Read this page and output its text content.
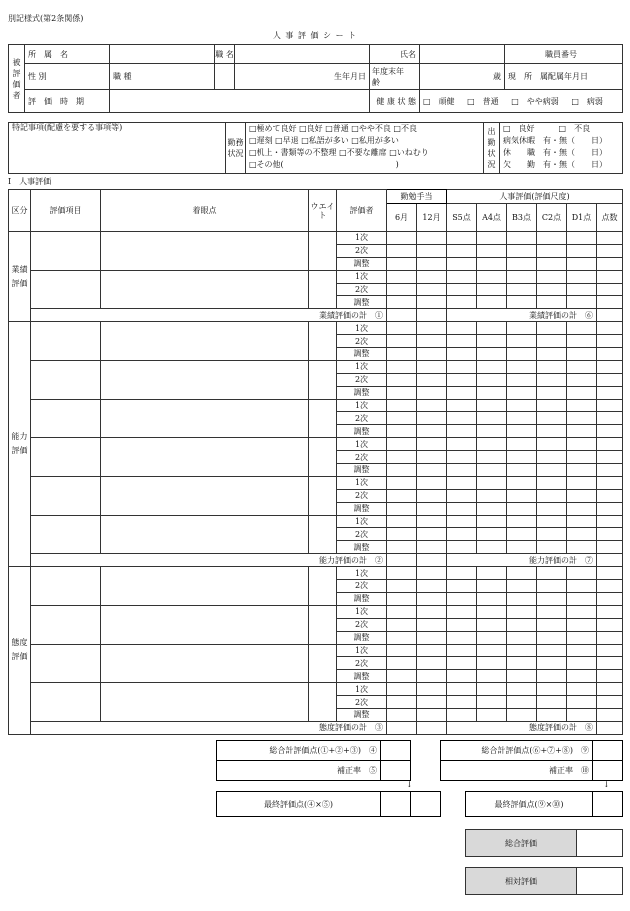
別記様式(第2条関係)
人 事 評 価 シ ー ト
被評価者	所　属　名		職 名		氏名		職員番号
	性 別	職 種		生年月日	年度末年　齢	歳	現　所　属配属年月日
	評　価　時　期				健 康 状 態	□　頑健 □　普通 □　やや病弱 □　病弱	
特記事項(配慮を要する事項等)	勤務状況	
□極めて良好 □良好 □普通 □やや不良 □不良
□遅刻 □早退 □私語が多い □私用が多い
□机上・書類等の不整理 □不要な離席 □いねむり
□その他(　　　　　　　　　　　　　　)
	出勤状況	
□　良好　　　□　不良
病気休暇　有・無（　　日）
休　　職　有・無（　　日）
欠　　勤　有・無（　　日）
Ⅰ　人事評価
区分	評価項目	着眼点	ウエイト	評価者	勤勉手当		人事評価(評価尺度)					
					6月	12月	S5点	A4点	B3点	C2点	D1点	点数
業績評価				1次								
				2次								
				調整								
				1次								
				2次								
				調整								
	業績評価の計　①						業績評価の計　⑥					
能力評価				1次								
				2次								
				調整								
				1次								
				2次								
				調整								
				1次								
				2次								
				調整								
				1次								
				2次								
				調整								
				1次								
				2次								
				調整								
				1次								
				2次								
				調整								
	能力評価の計　②						能力評価の計　⑦					
態度評価				1次								
				2次								
				調整								
				1次								
				2次								
				調整								
				1次								
				2次								
				調整								
				1次								
				2次								
				調整								
	態度評価の計　③						態度評価の計　⑧					
総合計評価点(①+②+③)　④	
補正率　⑤	
総合計評価点(⑥+⑦+⑧)　⑨	
補正率　⑩	
↓	↓
最終評価点(④×⑤)			最終評価点(⑨×⑩)	
総合評価	
相対評価	
